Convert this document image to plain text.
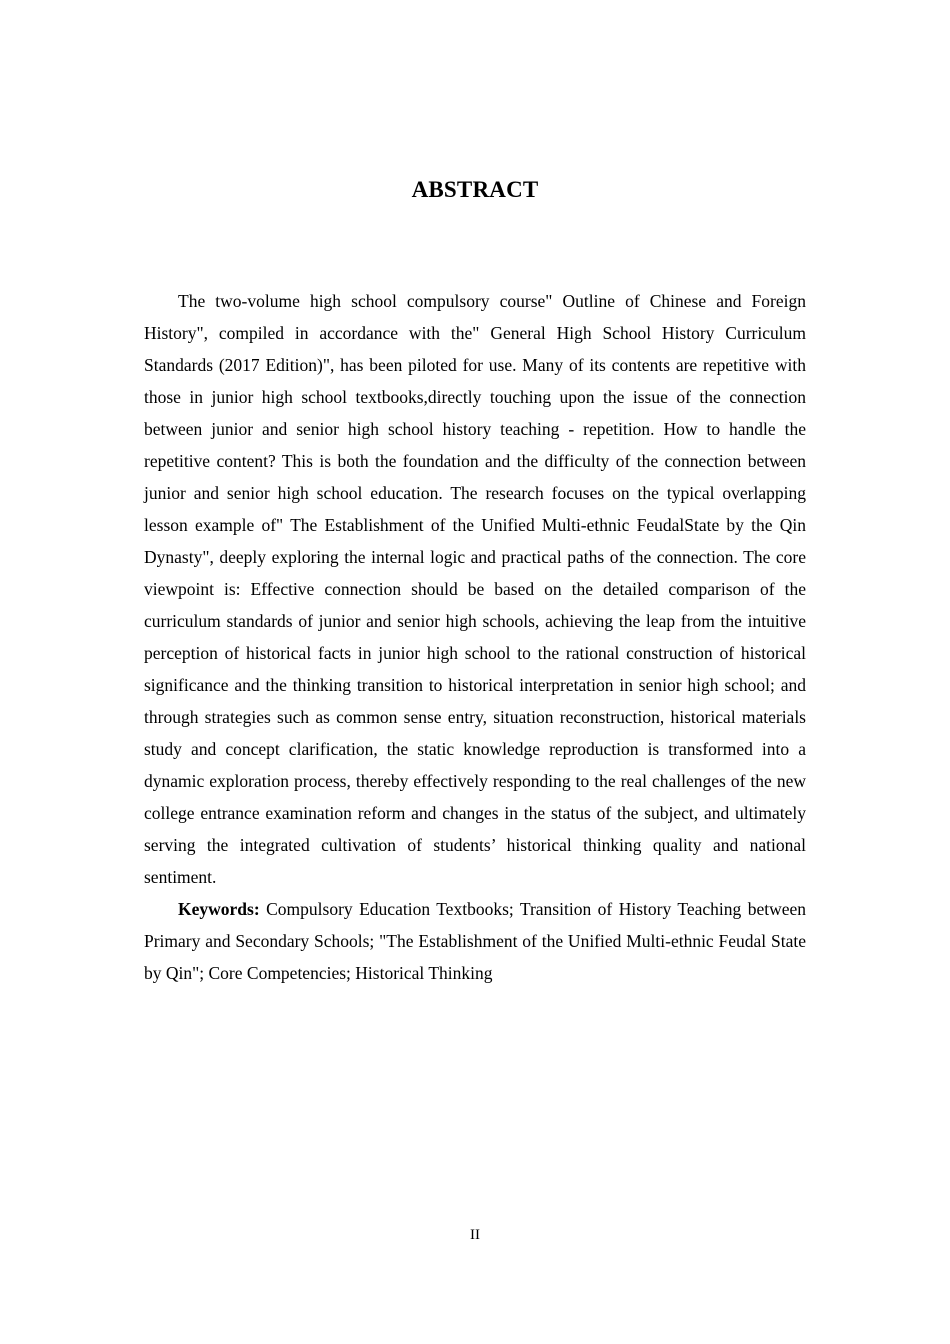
ABSTRACT

The two-volume high school compulsory course" Outline of Chinese and Foreign History", compiled in accordance with the" General High School History Curriculum Standards (2017 Edition)", has been piloted for use. Many of its contents are repetitive with those in junior high school textbooks,directly touching upon the issue of the connection between junior and senior high school history teaching - repetition. How to handle the repetitive content? This is both the foundation and the difficulty of the connection between junior and senior high school education. The research focuses on the typical overlapping lesson example of" The Establishment of the Unified Multi-ethnic FeudalState by the Qin Dynasty", deeply exploring the internal logic and practical paths of the connection. The core viewpoint is: Effective connection should be based on the detailed comparison of the curriculum standards of junior and senior high schools, achieving the leap from the intuitive perception of historical facts in junior high school to the rational construction of historical significance and the thinking transition to historical interpretation in senior high school; and through strategies such as common sense entry, situation reconstruction, historical materials study and concept clarification, the static knowledge reproduction is transformed into a dynamic exploration process, thereby effectively responding to the real challenges of the new college entrance examination reform and changes in the status of the subject, and ultimately serving the integrated cultivation of students’ historical thinking quality and national sentiment.

Keywords: Compulsory Education Textbooks; Transition of History Teaching between Primary and Secondary Schools; "The Establishment of the Unified Multi-ethnic Feudal State by Qin"; Core Competencies; Historical Thinking

II
